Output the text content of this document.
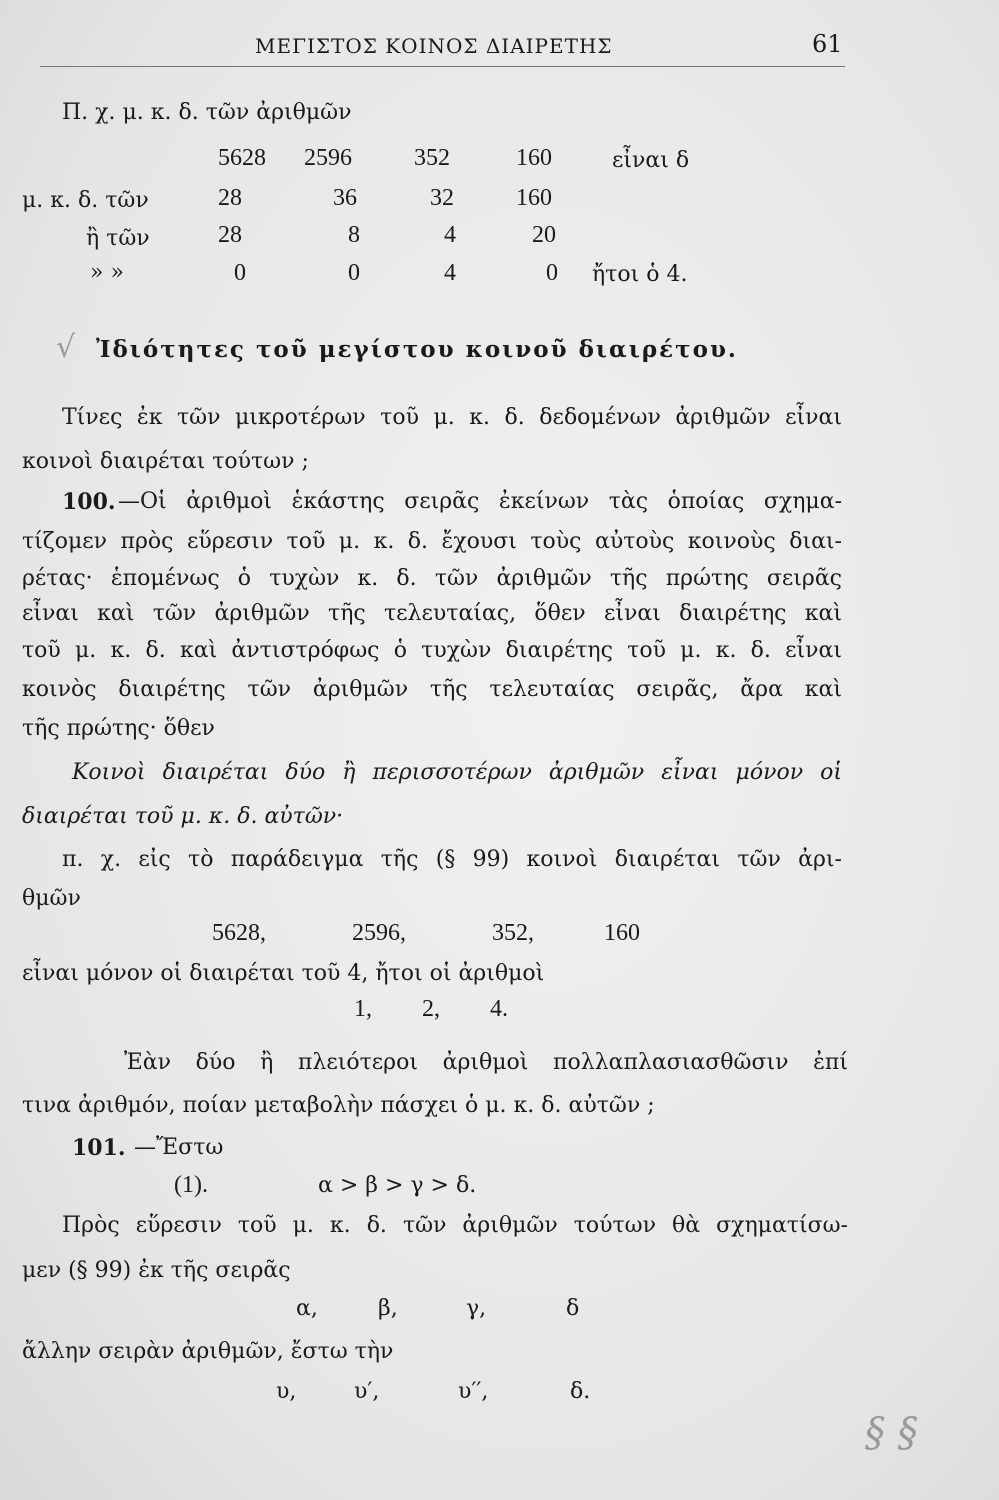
ΜΕΓΙΣΤΟΣ ΚΟΙΝΟΣ ΔΙΑΙΡΕΤΗΣ	61
Π. χ. μ. κ. δ. τῶν ἀριθμῶν
5628 2596	352	160	εἶναι δ
μ. κ. δ. τῶν	28	36	32	160
ἢ τῶν	28	8	4	20
» »	0	0	4	0 ἤτοι ὁ 4.
Ἰδιότητες τοῦ μεγίστου κοινοῦ διαιρέτου.
Τίνες ἐκ τῶν μικροτέρων τοῦ μ. κ. δ. δεδομένων ἀριθμῶν εἶναι
κοινοὶ διαιρέται τούτων ;
100. —Οἱ ἀριθμοὶ ἑκάστης σειρᾶς ἐκείνων τὰς ὁποίας σχημα-
τίζομεν πρὸς εὕρεσιν τοῦ μ. κ. δ. ἔχουσι τοὺς αὐτοὺς κοινοὺς διαι-
ρέτας· ἑπομένως ὁ τυχὼν κ. δ. τῶν ἀριθμῶν τῆς πρώτης σειρᾶς
εἶναι καὶ τῶν ἀριθμῶν τῆς τελευταίας, ὅθεν εἶναι διαιρέτης καὶ
τοῦ μ. κ. δ. καὶ ἀντιστρόφως ὁ τυχὼν διαιρέτης τοῦ μ. κ. δ. εἶναι
κοινὸς διαιρέτης τῶν ἀριθμῶν τῆς τελευταίας σειρᾶς, ἄρα καὶ
τῆς πρώτης· ὅθεν
Κοινοὶ διαιρέται δύο ἢ περισσοτέρων ἀριθμῶν εἶναι μόνον οἱ
διαιρέται τοῦ μ. κ. δ. αὐτῶν·
π. χ. εἰς τὸ παράδειγμα τῆς (§ 99) κοινοὶ διαιρέται τῶν ἀρι-
θμῶν
5628,	2596,	352,	160
εἶναι μόνον οἱ διαιρέται τοῦ 4, ἤτοι οἱ ἀριθμοὶ
1, 2, 4.
Ἐὰν δύο ἢ πλειότεροι ἀριθμοὶ πολλαπλασιασθῶσιν ἐπί
τινα ἀριθμόν, ποίαν μεταβολὴν πάσχει ὁ μ. κ. δ. αὐτῶν ;
101. —Ἔστω
(1).	α > β > γ > δ.
Πρὸς εὕρεσιν τοῦ μ. κ. δ. τῶν ἀριθμῶν τούτων θὰ σχηματίσω-
μεν (§ 99) ἐκ τῆς σειρᾶς
α,	β,	γ,	δ
ἄλλην σειρὰν ἀριθμῶν, ἔστω τὴν
υ,	υ′,	υ′′,	δ.
√
§ §
